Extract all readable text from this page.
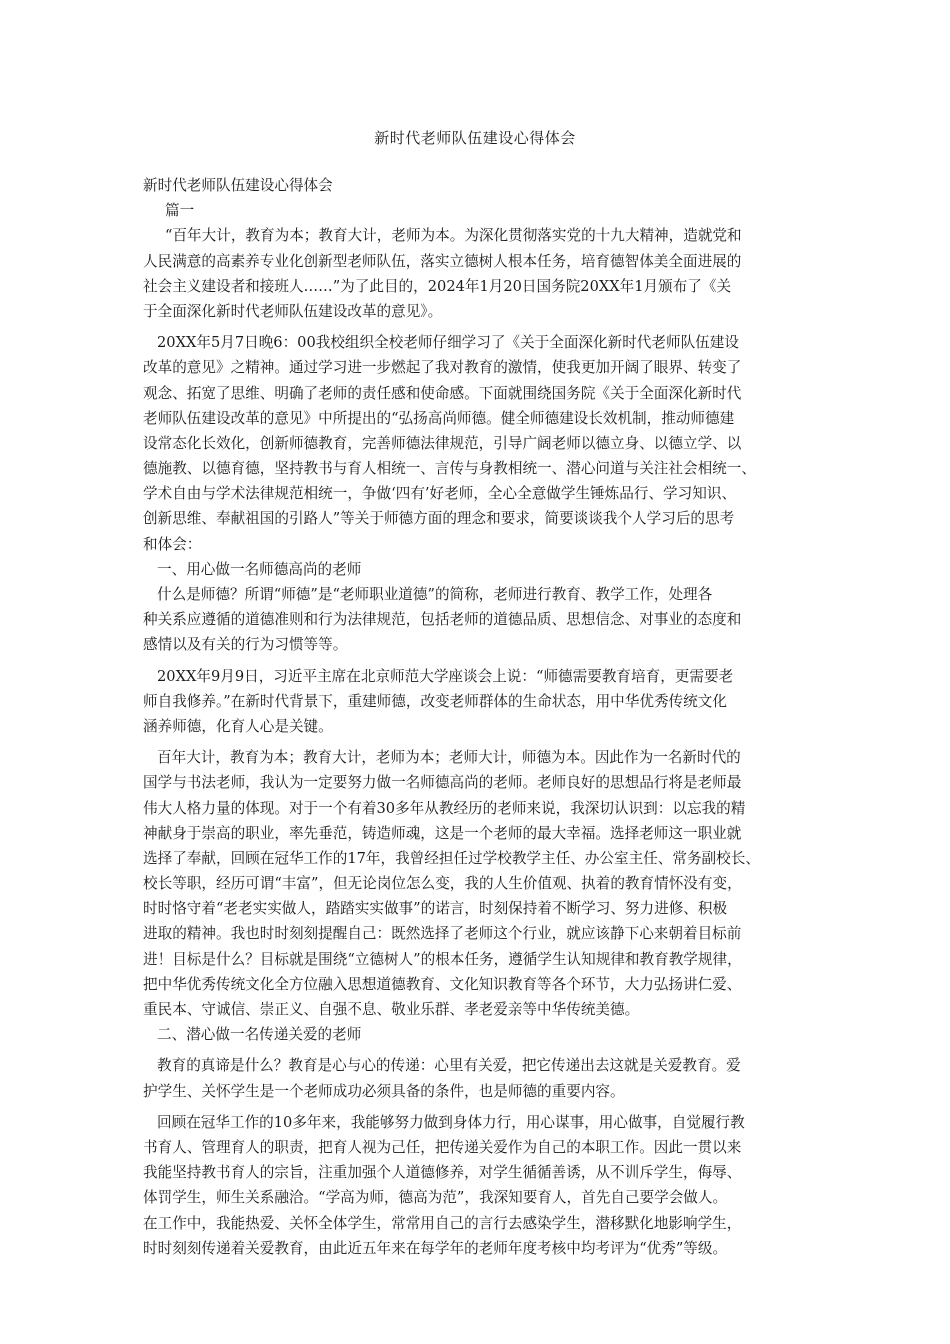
新时代老师队伍建设心得体会
新时代老师队伍建设心得体会
篇一
“百年大计，教育为本；教育大计，老师为本。为深化贯彻落实党的十九大精神，造就党和
人民满意的高素养专业化创新型老师队伍，落实立德树人根本任务，培育德智体美全面进展的
社会主义建设者和接班人……”为了此目的，2024年1月20日国务院20XX年1月颁布了《关
于全面深化新时代老师队伍建设改革的意见》。
20XX年5月7日晚6：00我校组织全校老师仔细学习了《关于全面深化新时代老师队伍建设
改革的意见》之精神。通过学习进一步燃起了我对教育的激情，使我更加开阔了眼界、转变了
观念、拓宽了思维、明确了老师的责任感和使命感。下面就围绕国务院《关于全面深化新时代
老师队伍建设改革的意见》中所提出的“弘扬高尚师德。健全师德建设长效机制，推动师德建
设常态化长效化，创新师德教育，完善师德法律规范，引导广阔老师以德立身、以德立学、以
德施教、以德育德，坚持教书与育人相统一、言传与身教相统一、潜心问道与关注社会相统一、
学术自由与学术法律规范相统一，争做‘四有’好老师，全心全意做学生锤炼品行、学习知识、
创新思维、奉献祖国的引路人”等关于师德方面的理念和要求，简要谈谈我个人学习后的思考
和体会：
一、用心做一名师德高尚的老师
什么是师德？所谓“师德”是“老师职业道德”的简称，老师进行教育、教学工作，处理各
种关系应遵循的道德准则和行为法律规范，包括老师的道德品质、思想信念、对事业的态度和
感情以及有关的行为习惯等等。
20XX年9月9日，习近平主席在北京师范大学座谈会上说：“师德需要教育培育，更需要老
师自我修养。”在新时代背景下，重建师德，改变老师群体的生命状态，用中华优秀传统文化
涵养师德，化育人心是关键。
百年大计，教育为本；教育大计，老师为本；老师大计，师德为本。因此作为一名新时代的
国学与书法老师，我认为一定要努力做一名师德高尚的老师。老师良好的思想品行将是老师最
伟大人格力量的体现。对于一个有着30多年从教经历的老师来说，我深切认识到：以忘我的精
神献身于崇高的职业，率先垂范，铸造师魂，这是一个老师的最大幸福。选择老师这一职业就
选择了奉献，回顾在冠华工作的17年，我曾经担任过学校教学主任、办公室主任、常务副校长、
校长等职，经历可谓“丰富”，但无论岗位怎么变，我的人生价值观、执着的教育情怀没有变，
时时恪守着“老老实实做人，踏踏实实做事”的诺言，时刻保持着不断学习、努力进修、积极
进取的精神。我也时时刻刻提醒自己：既然选择了老师这个行业，就应该静下心来朝着目标前
进！目标是什么？目标就是围绕“立德树人”的根本任务，遵循学生认知规律和教育教学规律，
把中华优秀传统文化全方位融入思想道德教育、文化知识教育等各个环节，大力弘扬讲仁爱、
重民本、守诚信、崇正义、自强不息、敬业乐群、孝老爱亲等中华传统美德。
二、潜心做一名传递关爱的老师
教育的真谛是什么？教育是心与心的传递：心里有关爱，把它传递出去这就是关爱教育。爱
护学生、关怀学生是一个老师成功必须具备的条件，也是师德的重要内容。
回顾在冠华工作的10多年来，我能够努力做到身体力行，用心谋事，用心做事，自觉履行教
书育人、管理育人的职责，把育人视为己任，把传递关爱作为自己的本职工作。因此一贯以来
我能坚持教书育人的宗旨，注重加强个人道德修养，对学生循循善诱，从不训斥学生，侮辱、
体罚学生，师生关系融洽。“学高为师，德高为范”，我深知要育人，首先自己要学会做人。
在工作中，我能热爱、关怀全体学生，常常用自己的言行去感染学生，潜移默化地影响学生，
时时刻刻传递着关爱教育，由此近五年来在每学年的老师年度考核中均考评为“优秀”等级。
